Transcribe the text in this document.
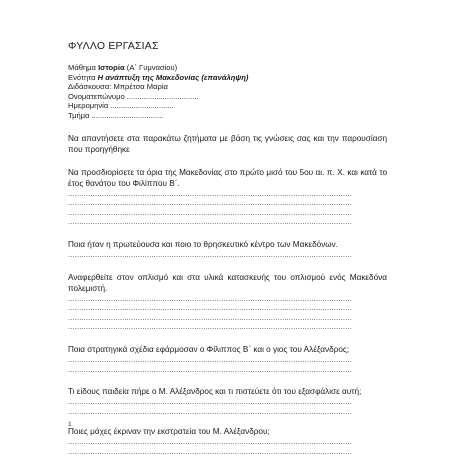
ΦΥΛΛΟ ΕΡΓΑΣΙΑΣ
Μάθημα Ιστορία (Α΄ Γυμνασίου)
Ενότητα Η ανάπτυξη της Μακεδονίας (επανάληψη)
Διδάσκουσα: Μπρέτσα Μαρία
Ονοματεπώνυμο ..................................
Ημερομηνία ..............................
Τμήμα ..................................
Να απαντήσετε στα παρακάτω ζητήματα με βάση τις γνώσεις σας και την παρουσίαση που προηγήθηκε
Να προσδιορίσετε τα όρια της Μακεδονίας στο πρώτο μισό του 5ου αι. π. Χ. και κατά το έτος θανάτου του Φιλίππου Β΄.
..............................................................................................................................
..............................................................................................................................
..............................................................................................................................
..............................................................................................................................
Ποια ήταν η πρωτεύουσα και ποιο το θρησκευτικό κέντρο των Μακεδόνων.
..............................................................................................................................
Αναφερθείτε στον οπλισμό και στα υλικά κατασκευής του οπλισμού ενός Μακεδόνα πολεμιστή.
..............................................................................................................................
..............................................................................................................................
..............................................................................................................................
..............................................................................................................................
Ποια στρατηγικά σχέδια εφάρμοσαν ο Φίλιππος Β΄ και ο γιος του Αλέξανδρος;
..............................................................................................................................
..............................................................................................................................
Τι είδους παιδεία πήρε ο Μ. Αλέξανδρος και τι πιστεύετε ότι του εξασφάλισε αυτή;
..............................................................................................................................
..............................................................................................................................
Ποιες μάχες έκριναν την εκστρατεία του Μ. Αλέξανδρου;
..............................................................................................................................
..............................................................................................................................
1
